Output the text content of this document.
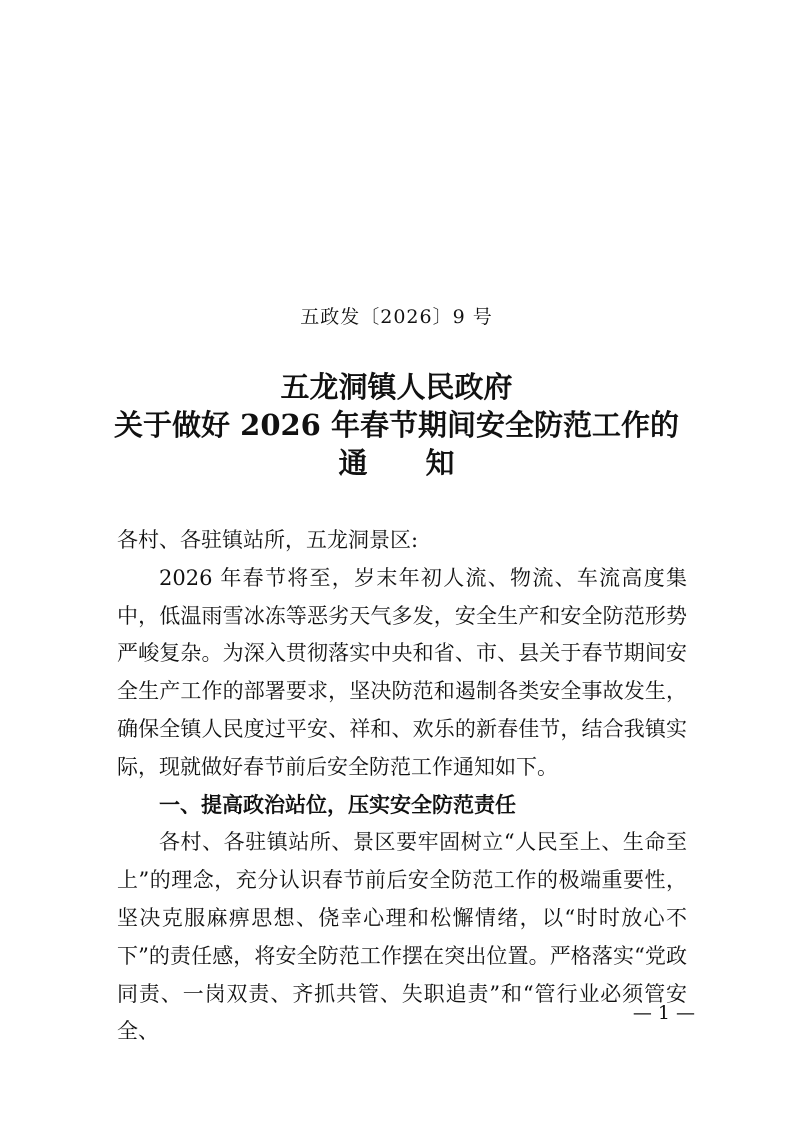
五政发〔2026〕9 号
五龙洞镇人民政府
关于做好 2026 年春节期间安全防范工作的
通知

各村、各驻镇站所，五龙洞景区:

2026 年春节将至，岁末年初人流、物流、车流高度集中，低温雨雪冰冻等恶劣天气多发，安全生产和安全防范形势严峻复杂。为深入贯彻落实中央和省、市、县关于春节期间安全生产工作的部署要求，坚决防范和遏制各类安全事故发生，确保全镇人民度过平安、祥和、欢乐的新春佳节，结合我镇实际，现就做好春节前后安全防范工作通知如下。

一、提高政治站位，压实安全防范责任

各村、各驻镇站所、景区要牢固树立“人民至上、生命至上”的理念，充分认识春节前后安全防范工作的极端重要性，坚决克服麻痹思想、侥幸心理和松懈情绪，以“时时放心不下”的责任感，将安全防范工作摆在突出位置。严格落实“党政同责、一岗双责、齐抓共管、失职追责”和“管行业必须管安全、

— 1 —
